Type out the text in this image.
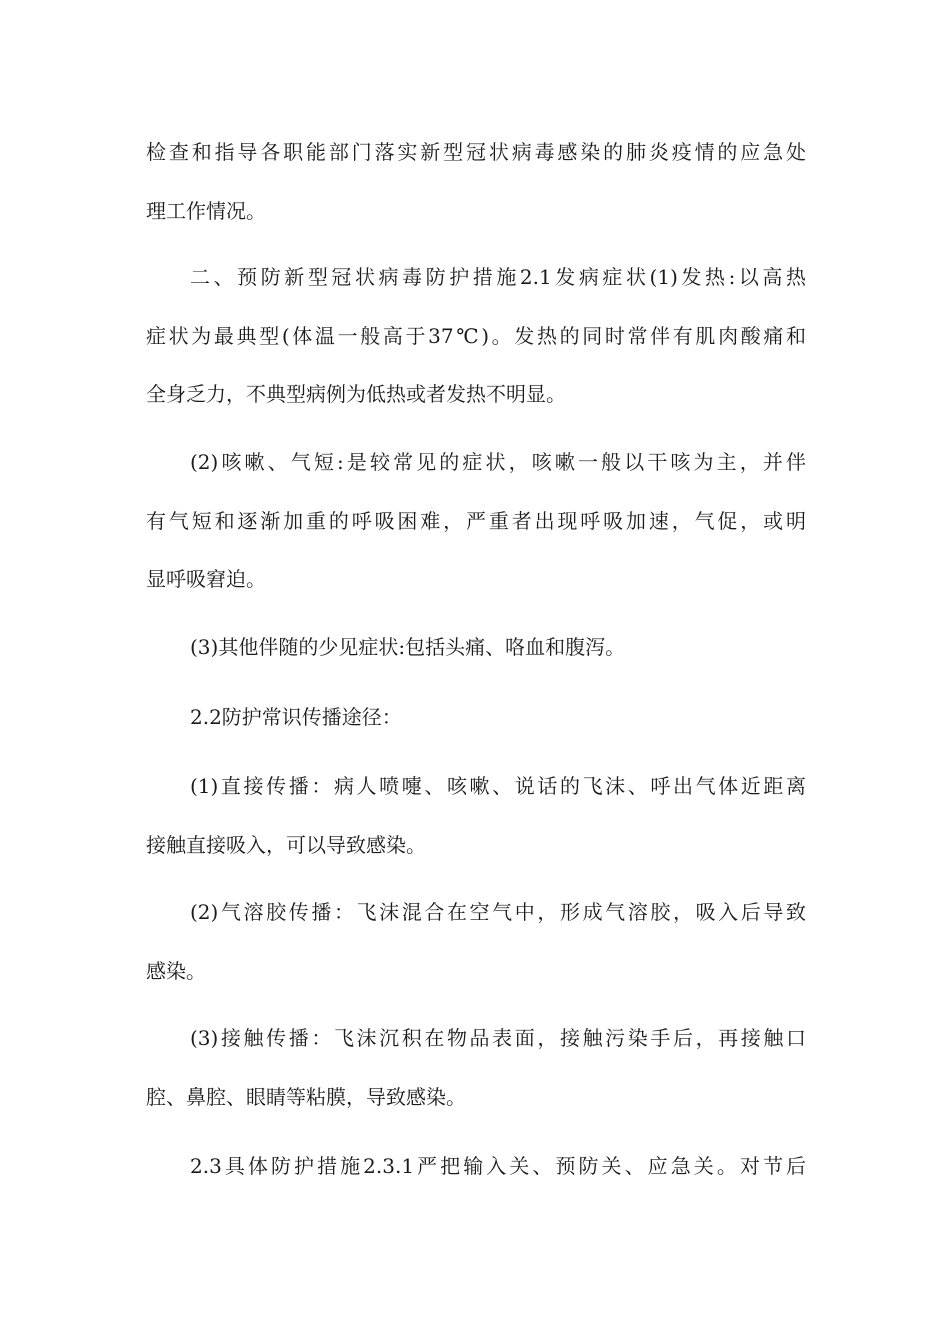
检查和指导各职能部门落实新型冠状病毒感染的肺炎疫情的应急处
理工作情况。
二、预防新型冠状病毒防护措施2.1发病症状(1)发热:以高热
症状为最典型(体温一般高于37℃)。发热的同时常伴有肌肉酸痛和
全身乏力，不典型病例为低热或者发热不明显。
(2)咳嗽、气短:是较常见的症状，咳嗽一般以干咳为主，并伴
有气短和逐渐加重的呼吸困难，严重者出现呼吸加速，气促，或明
显呼吸窘迫。
(3)其他伴随的少见症状:包括头痛、咯血和腹泻。
2.2防护常识传播途径：
(1)直接传播：病人喷嚏、咳嗽、说话的飞沫、呼出气体近距离
接触直接吸入，可以导致感染。
(2)气溶胶传播：飞沫混合在空气中，形成气溶胶，吸入后导致
感染。
(3)接触传播：飞沫沉积在物品表面，接触污染手后，再接触口
腔、鼻腔、眼睛等粘膜，导致感染。
2.3具体防护措施2.3.1严把输入关、预防关、应急关。对节后
